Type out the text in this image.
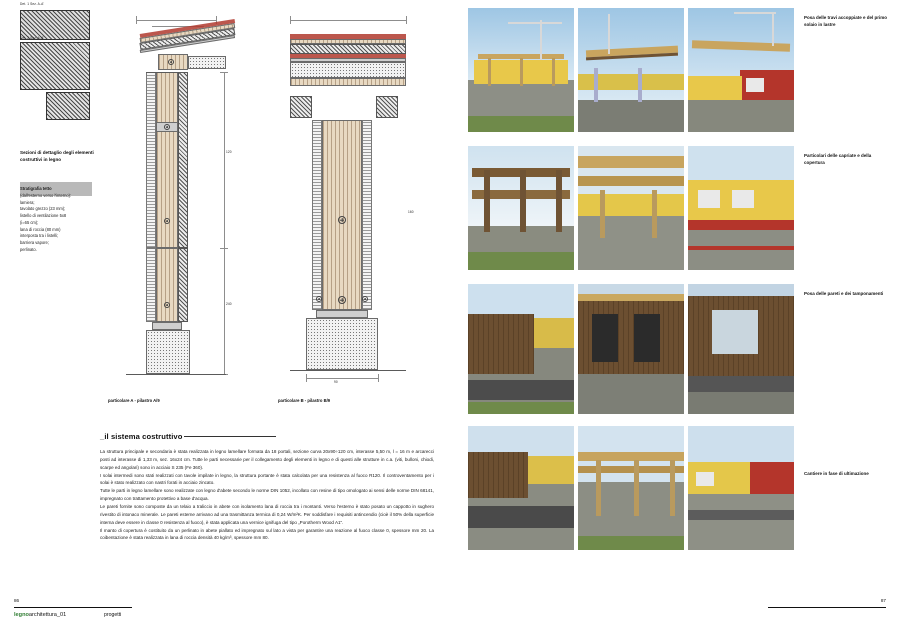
Det. 1 Sez. A-A'
Det. 2 Sez. A-A'
Sezioni di dettaglio degli elementi costruttivi in legno
Stratigrafia tetto
(dall'esterno verso l'interno):
lamiera;
tavolato grezzo (23 mm);
listello di ventilazione 5x8
(i=65 cm);
lana di roccia (80 mm)
interposta tra i listelli;
barriera vapore;
perlinato.
120
240
particolare A - pilastro A/9
90
160
particolare B - pilastro B/9
_il sistema costruttivo

La struttura principale e secondaria è stata realizzata in legno lamellare formata da 18 portali, sezione curva 20x90÷120 cm, interasse 5,50 m, l = 16 m e arcarecci posti ad interasse di 1,33 m, sez. 16x24 cm. Tutte le parti necessarie per il collegamento degli elementi in legno e di questi alle strutture in c.a. (viti, bulloni, chiodi, scarpe ed angolari) sono in acciaio S 235 (Fe 360).

I solai intermedi sono stati realizzati con tavole impilate in legno, la struttura portante è stata calcolata per una resistenza al fuoco R120. Il controventamento per i solai è stato realizzato con nastri forati in acciaio zincato.

Tutte le parti in legno lamellare sono realizzate con legno d'abete secondo le norme DIN 1052, incollato con resine di tipo omologato ai sensi delle norme DIN 68141, impregnato con trattamento protettivo a base d'acqua.

Le pareti fornite sono composte da un telaio a traliccio in abete con isolamento lana di roccia tra i montanti. Verso l'esterno è stato posato un cappotto in sughero rivestito di intonaco minerale. Le pareti esterne arrivano ad una trasmittanza termica di 0,24 W/m²K. Per soddisfare i requisiti antincendio (cioè il 50% della superficie interna deve essere in classe 0 resistenza al fuoco), è stata applicata una vernice ignifuga del tipo „Porotherm Wood A1".

Il manto di copertura è costituito da un perlinato in abete piallato ed impregnato sul lato a vista per garantire una reazione al fuoco classe 0, spessore mm 20. La coibentazione è stata realizzata in lana di roccia densità 40 kg/m³, spessore mm 80.

86
legnoarchitettura_01	progetti
Posa delle travi accoppiate e del primo solaio in lastre
Particolari delle capriate e della copertura
Posa delle pareti e dei tamponamenti
Cantiere in fase di ultimazione
87
